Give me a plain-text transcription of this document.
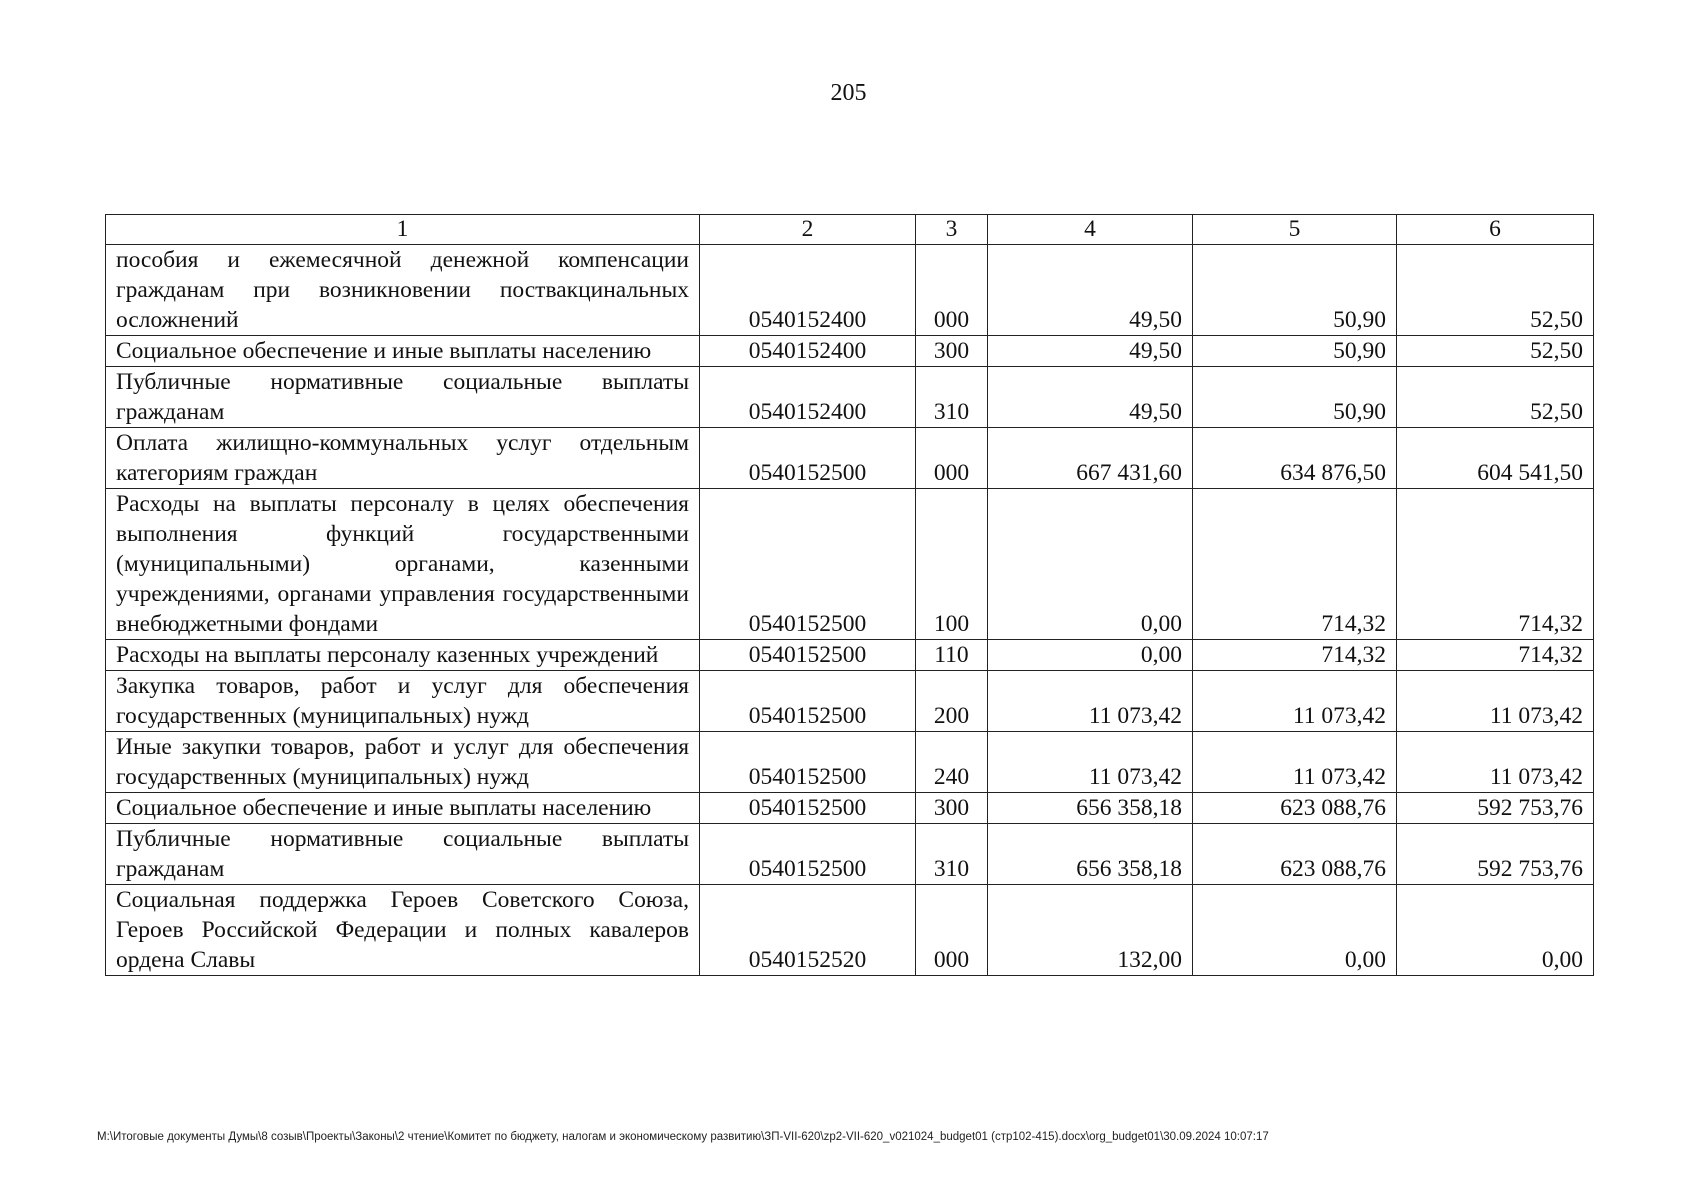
205
1	2	3	4	5	6
пособия и ежемесячной денежной компенсации гражданам при возникновении поствакцинальных осложнений	0540152400	000	49,50	50,90	52,50
Социальное обеспечение и иные выплаты населению	0540152400	300	49,50	50,90	52,50
Публичные нормативные социальные выплаты гражданам	0540152400	310	49,50	50,90	52,50
Оплата жилищно-коммунальных услуг отдельным категориям граждан	0540152500	000	667 431,60	634 876,50	604 541,50
Расходы на выплаты персоналу в целях обеспечения выполнения функций государственными (муниципальными) органами, казенными учреждениями, органами управления государственными внебюджетными фондами	0540152500	100	0,00	714,32	714,32
Расходы на выплаты персоналу казенных учреждений	0540152500	110	0,00	714,32	714,32
Закупка товаров, работ и услуг для обеспечения государственных (муниципальных) нужд	0540152500	200	11 073,42	11 073,42	11 073,42
Иные закупки товаров, работ и услуг для обеспечения государственных (муниципальных) нужд	0540152500	240	11 073,42	11 073,42	11 073,42
Социальное обеспечение и иные выплаты населению	0540152500	300	656 358,18	623 088,76	592 753,76
Публичные нормативные социальные выплаты гражданам	0540152500	310	656 358,18	623 088,76	592 753,76
Социальная поддержка Героев Советского Союза, Героев Российской Федерации и полных кавалеров ордена Славы	0540152520	000	132,00	0,00	0,00
M:\Итоговые документы Думы\8 созыв\Проекты\Законы\2 чтение\Комитет по бюджету, налогам и экономическому развитию\ЗП-VII-620\zp2-VII-620_v021024_budget01 (стр102-415).docx\org_budget01\30.09.2024 10:07:17
